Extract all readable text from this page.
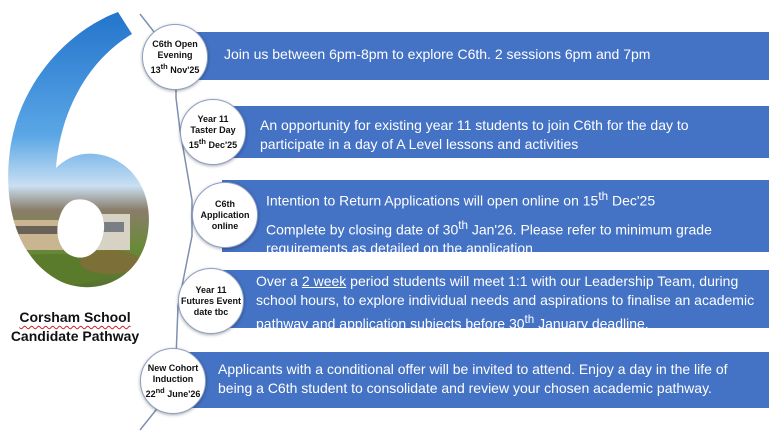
Corsham School
Candidate Pathway

Join us between 6pm-8pm to explore C6th. 2 sessions 6pm and 7pm

C6th Open
Evening
13th Nov'25

An opportunity for existing year 11 students to join C6th for the day to participate in a day of A Level lessons and activities

Year 11
Taster Day
15th Dec'25

Intention to Return Applications will open online on 15th Dec'25

Complete by closing date of 30th Jan'26. Please refer to minimum grade requirements as detailed on the application

C6th
Application
online

Over a 2 week period students will meet 1:1 with our Leadership Team, during school hours, to explore individual needs and aspirations to finalise an academic pathway and application subjects before 30th January deadline.

Year 11
Futures Event
date tbc

Applicants with a conditional offer will be invited to attend. Enjoy a day in the life of being a C6th student to consolidate and review your chosen academic pathway.

New Cohort
Induction
22nd June'26
